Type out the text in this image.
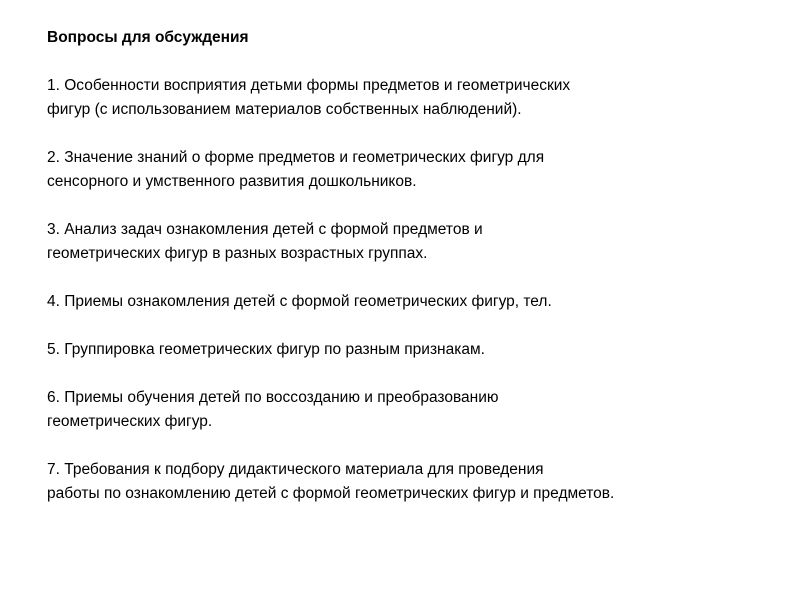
Вопросы для обсуждения
1. Особенности восприятия детьми формы предметов и геометрических
фигур (с использованием материалов собственных наблюдений).
2. Значение знаний о форме предметов и геометрических фигур для
сенсорного и умственного развития дошкольников.
3. Анализ задач ознакомления детей с формой предметов и
геометрических фигур в разных возрастных группах.
4. Приемы ознакомления детей с формой геометрических фигур, тел.
5. Группировка геометрических фигур по разным признакам.
6. Приемы обучения детей по воссозданию и преобразованию
геометрических фигур.
7. Требования к подбору дидактического материала для проведения
работы по ознакомлению детей с формой геометрических фигур и предметов.
